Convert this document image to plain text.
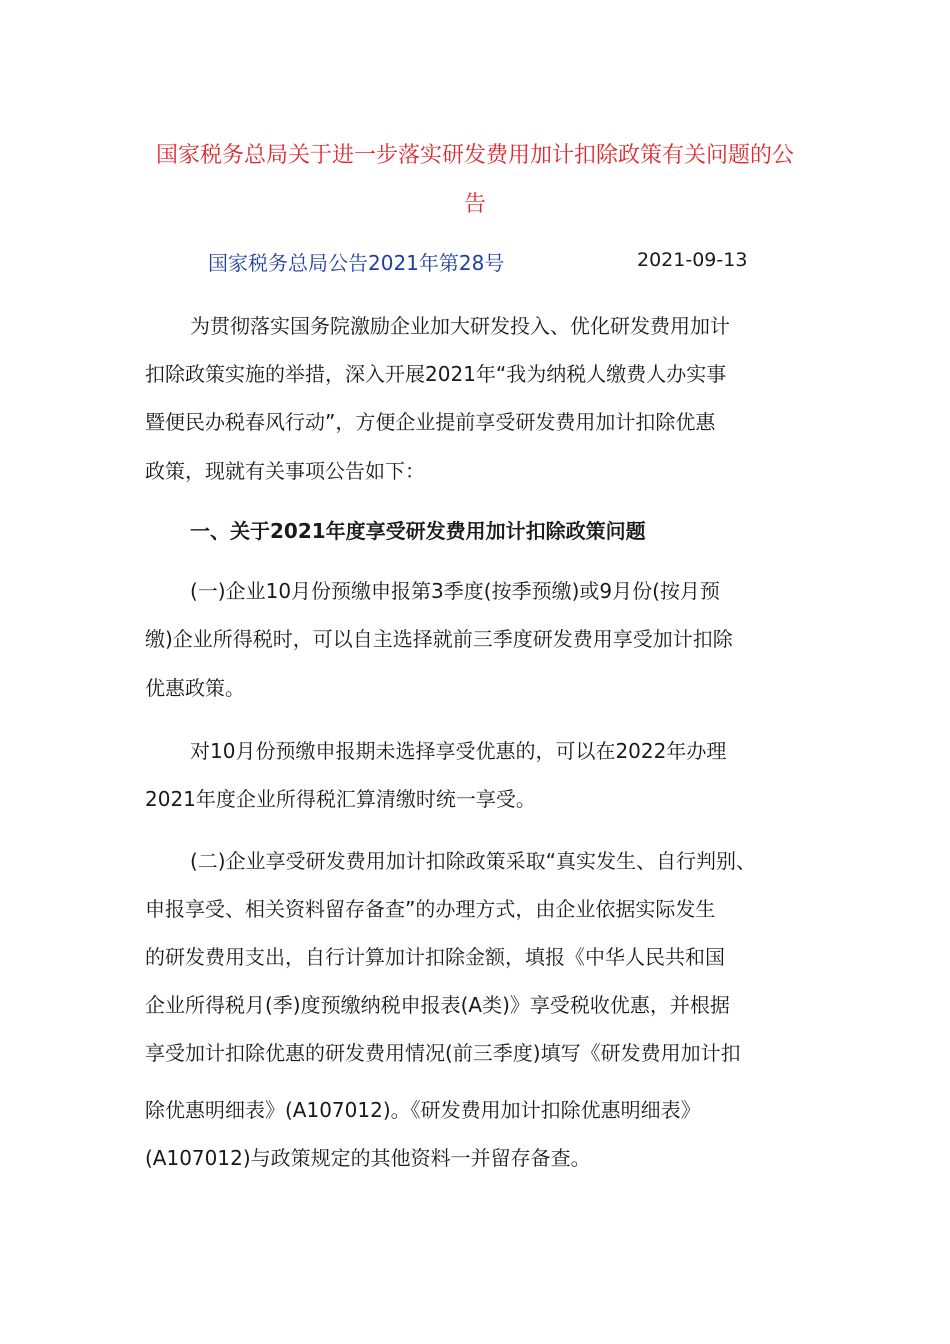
国家税务总局关于进一步落实研发费用加计扣除政策有关问题的公
告
国家税务总局公告2021年第28号	2021-09-13
为贯彻落实国务院激励企业加大研发投入、优化研发费用加计
扣除政策实施的举措，深入开展2021年“我为纳税人缴费人办实事
暨便民办税春风行动”，方便企业提前享受研发费用加计扣除优惠
政策，现就有关事项公告如下：
一、关于2021年度享受研发费用加计扣除政策问题
(一)企业10月份预缴申报第3季度(按季预缴)或9月份(按月预
缴)企业所得税时，可以自主选择就前三季度研发费用享受加计扣除
优惠政策。
对10月份预缴申报期未选择享受优惠的，可以在2022年办理
2021年度企业所得税汇算清缴时统一享受。
(二)企业享受研发费用加计扣除政策采取“真实发生、自行判别、
申报享受、相关资料留存备查”的办理方式，由企业依据实际发生
的研发费用支出，自行计算加计扣除金额，填报《中华人民共和国
企业所得税月(季)度预缴纳税申报表(A类)》享受税收优惠，并根据
享受加计扣除优惠的研发费用情况(前三季度)填写《研发费用加计扣
除优惠明细表》(A107012)。《研发费用加计扣除优惠明细表》
(A107012)与政策规定的其他资料一并留存备查。
